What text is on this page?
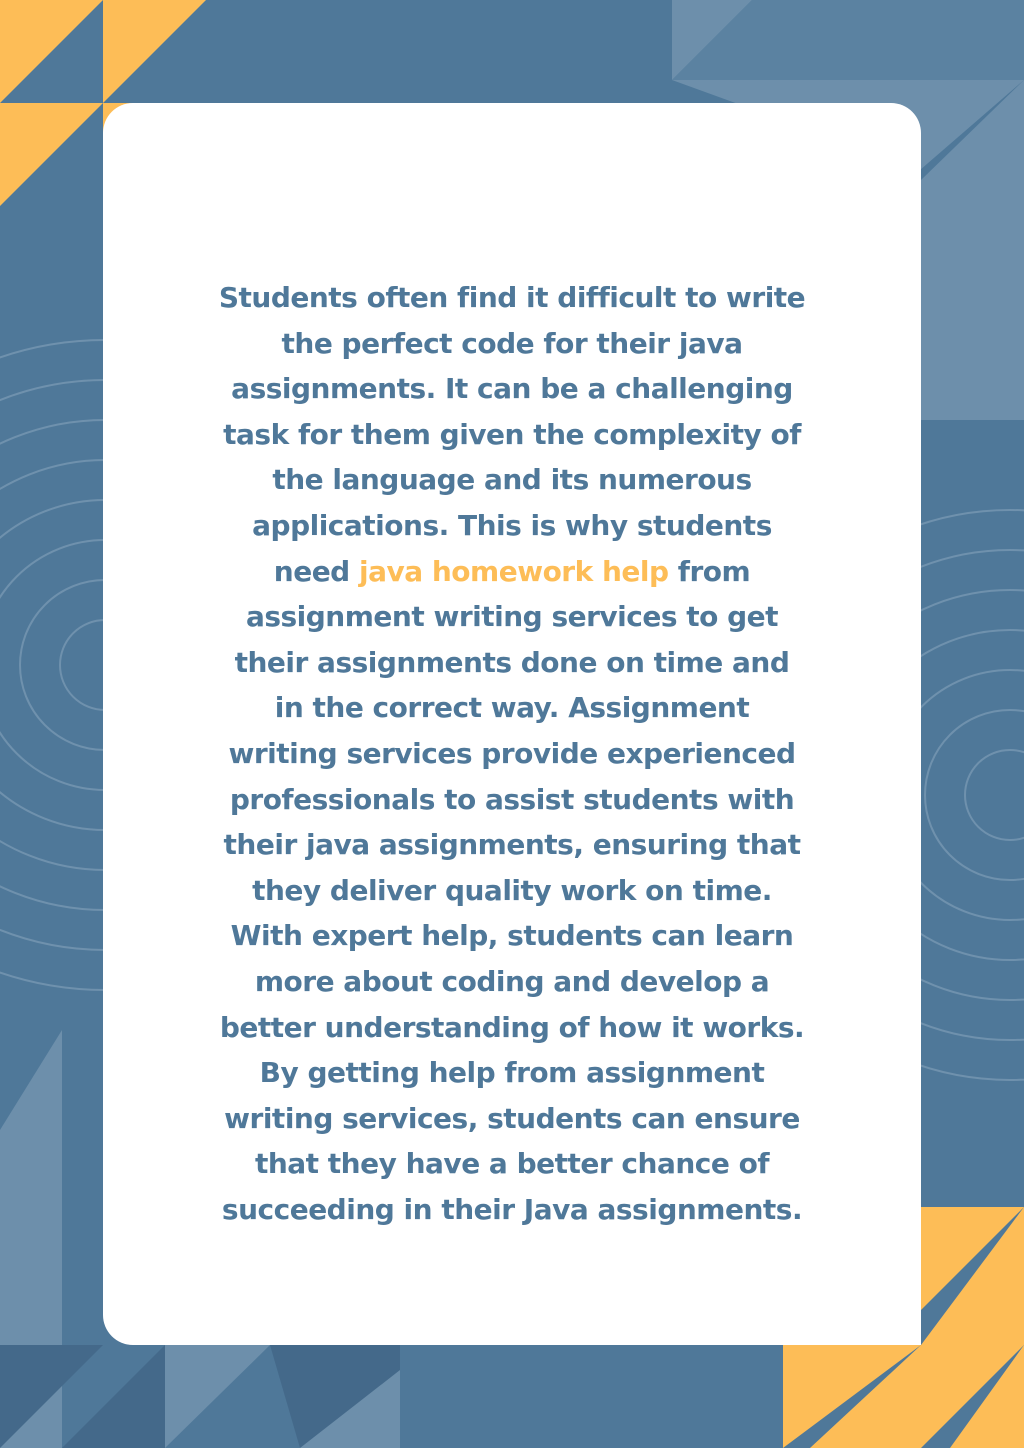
Students often find it difficult to write the perfect code for their java assignments. It can be a challenging task for them given the complexity of the language and its numerous applications. This is why students need java homework help from assignment writing services to get their assignments done on time and in the correct way. Assignment writing services provide experienced professionals to assist students with their java assignments, ensuring that they deliver quality work on time. With expert help, students can learn more about coding and develop a better understanding of how it works. By getting help from assignment writing services, students can ensure that they have a better chance of succeeding in their Java assignments.
